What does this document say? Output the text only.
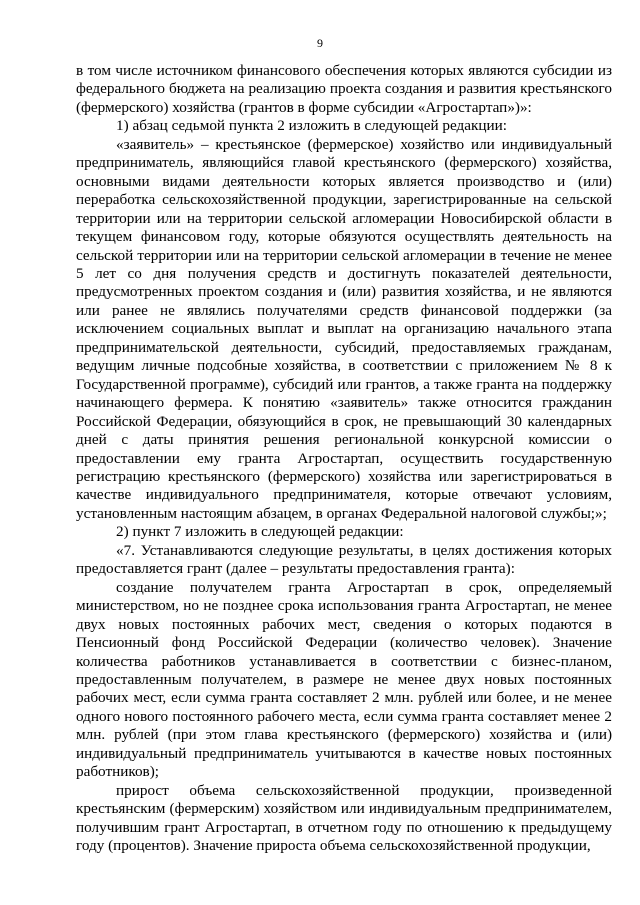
9

в том числе источником финансового обеспечения которых являются субсидии из федерального бюджета на реализацию проекта создания и развития крестьянского (фермерского) хозяйства (грантов в форме субсидии «Агростартап»)»:

1) абзац седьмой пункта 2 изложить в следующей редакции:

«заявитель» – крестьянское (фермерское) хозяйство или индивидуальный предприниматель, являющийся главой крестьянского (фермерского) хозяйства, основными видами деятельности которых является производство и (или) переработка сельскохозяйственной продукции, зарегистрированные на сельской территории или на территории сельской агломерации Новосибирской области в текущем финансовом году, которые обязуются осуществлять деятельность на сельской территории или на территории сельской агломерации в течение не менее 5 лет со дня получения средств и достигнуть показателей деятельности, предусмотренных проектом создания и (или) развития хозяйства, и не являются или ранее не являлись получателями средств финансовой поддержки (за исключением социальных выплат и выплат на организацию начального этапа предпринимательской деятельности, субсидий, предоставляемых гражданам, ведущим личные подсобные хозяйства, в соответствии с приложением № 8 к Государственной программе), субсидий или грантов, а также гранта на поддержку начинающего фермера. К понятию «заявитель» также относится гражданин Российской Федерации, обязующийся в срок, не превышающий 30 календарных дней с даты принятия решения региональной конкурсной комиссии о предоставлении ему гранта Агростартап, осуществить государственную регистрацию крестьянского (фермерского) хозяйства или зарегистрироваться в качестве индивидуального предпринимателя, которые отвечают условиям, установленным настоящим абзацем, в органах Федеральной налоговой службы;»;

2) пункт 7 изложить в следующей редакции:

«7. Устанавливаются следующие результаты, в целях достижения которых предоставляется грант (далее – результаты предоставления гранта):

создание получателем гранта Агростартап в срок, определяемый министерством, но не позднее срока использования гранта Агростартап, не менее двух новых постоянных рабочих мест, сведения о которых подаются в Пенсионный фонд Российской Федерации (количество человек). Значение количества работников устанавливается в соответствии с бизнес-планом, предоставленным получателем, в размере не менее двух новых постоянных рабочих мест, если сумма гранта составляет 2 млн. рублей или более, и не менее одного нового постоянного рабочего места, если сумма гранта составляет менее 2 млн. рублей (при этом глава крестьянского (фермерского) хозяйства и (или) индивидуальный предприниматель учитываются в качестве новых постоянных работников);

прирост объема сельскохозяйственной продукции, произведенной крестьянским (фермерским) хозяйством или индивидуальным предпринимателем, получившим грант Агростартап, в отчетном году по отношению к предыдущему году (процентов). Значение прироста объема сельскохозяйственной продукции,
